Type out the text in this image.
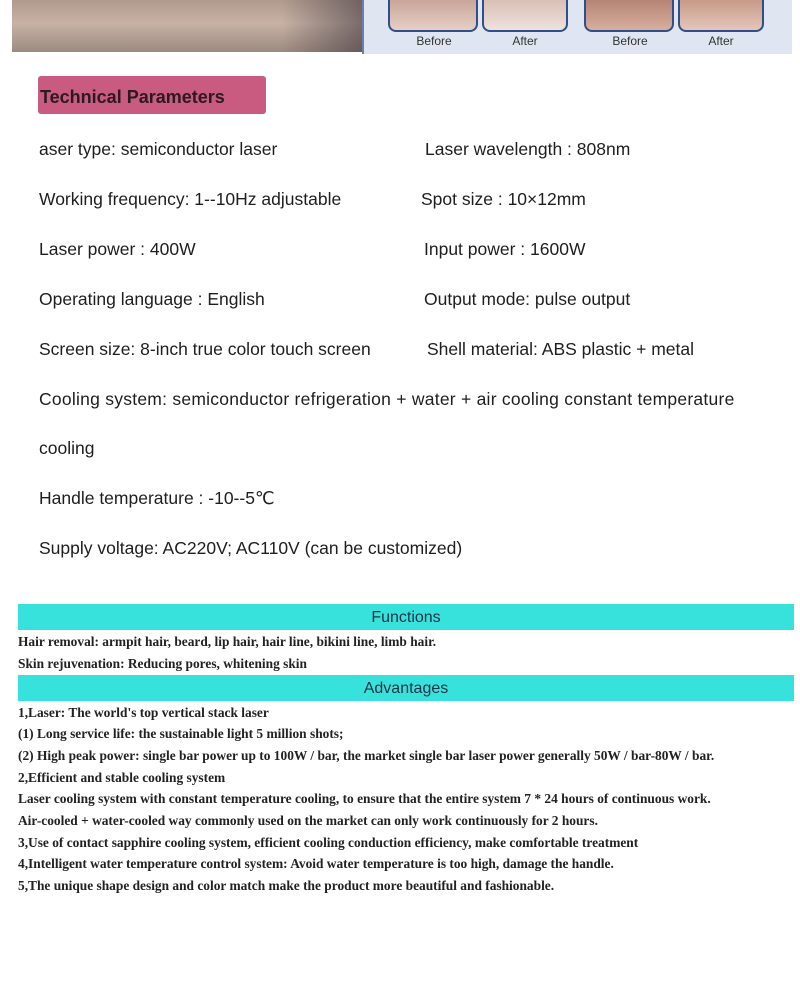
Before	After	Before	After
Technical Parameters
aser type: semiconductor laser	Laser wavelength : 808nm
Working frequency: 1--10Hz adjustable	Spot size : 10×12mm
Laser power : 400W	Input power : 1600W
Operating language : English	Output mode: pulse output
Screen size: 8-inch true color touch screen	Shell material: ABS plastic + metal
Cooling system: semiconductor refrigeration + water + air cooling constant temperature
cooling
Handle temperature : -10--5℃
Supply voltage: AC220V; AC110V (can be customized)
Functions
Hair removal: armpit hair, beard, lip hair, hair line, bikini line, limb hair.
Skin rejuvenation: Reducing pores, whitening skin
Advantages
1,Laser: The world's top vertical stack laser
(1) Long service life: the sustainable light 5 million shots;
(2) High peak power: single bar power up to 100W / bar, the market single bar laser power generally 50W / bar-80W / bar.
2,Efficient and stable cooling system
Laser cooling system with constant temperature cooling, to ensure that the entire system 7 * 24 hours of continuous work.
Air-cooled + water-cooled way commonly used on the market can only work continuously for 2 hours.
3,Use of contact sapphire cooling system, efficient cooling conduction efficiency, make comfortable treatment
4,Intelligent water temperature control system: Avoid water temperature is too high, damage the handle.
5,The unique shape design and color match make the product more beautiful and fashionable.
